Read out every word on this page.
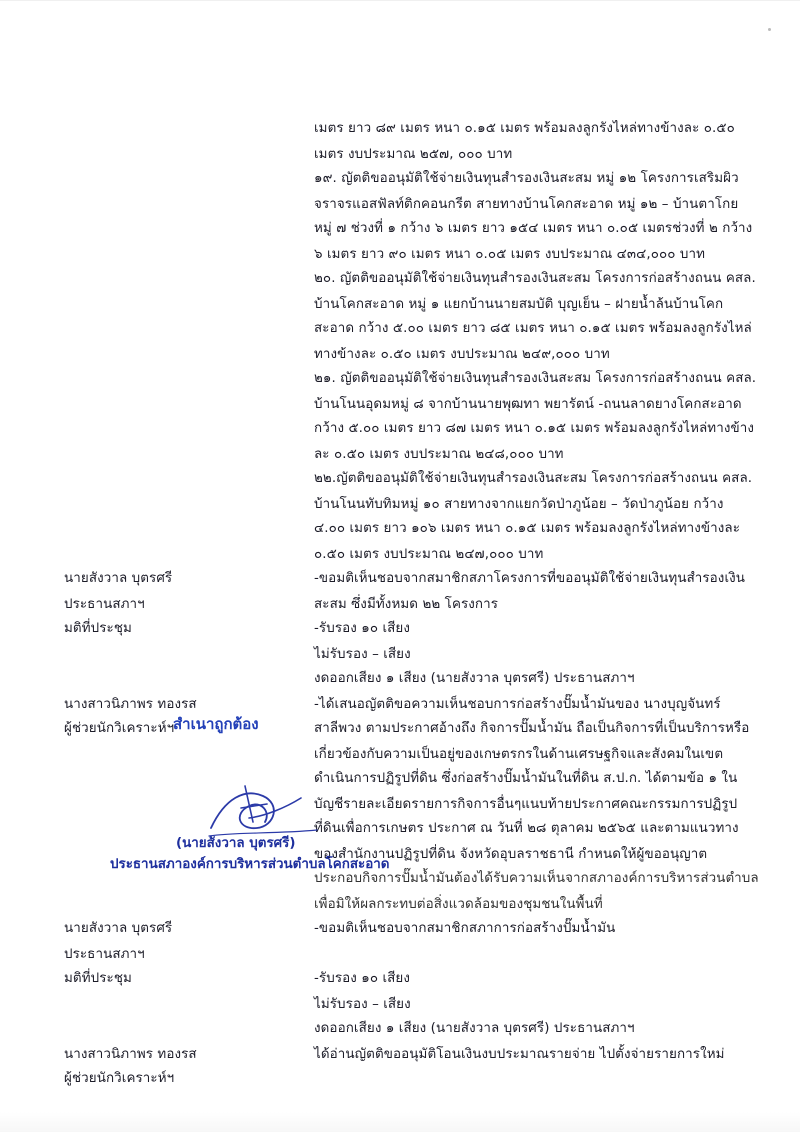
เมตร ยาว ๘๙ เมตร หนา ๐.๑๕ เมตร พร้อมลงลูกรังไหล่ทางข้างละ ๐.๕๐
เมตร งบประมาณ ๒๕๗, ๐๐๐ บาท
๑๙. ญัตติขออนุมัติใช้จ่ายเงินทุนสำรองเงินสะสม หมู่ ๑๒ โครงการเสริมผิว
จราจรแอสฟัลท์ติกคอนกรีต สายทางบ้านโคกสะอาด หมู่ ๑๒ – บ้านตาโกย
หมู่ ๗ ช่วงที่ ๑ กว้าง ๖ เมตร ยาว ๑๕๔ เมตร หนา ๐.๐๕ เมตรช่วงที่ ๒ กว้าง
๖ เมตร ยาว ๙๐ เมตร หนา ๐.๐๕ เมตร งบประมาณ ๔๓๔,๐๐๐ บาท
๒๐. ญัตติขออนุมัติใช้จ่ายเงินทุนสำรองเงินสะสม โครงการก่อสร้างถนน คสล.
บ้านโคกสะอาด หมู่ ๑ แยกบ้านนายสมบัติ บุญเย็น – ฝายน้ำล้นบ้านโคก
สะอาด กว้าง ๕.๐๐ เมตร ยาว ๘๕ เมตร หนา ๐.๑๕ เมตร พร้อมลงลูกรังไหล่
ทางข้างละ ๐.๕๐ เมตร งบประมาณ ๒๔๙,๐๐๐ บาท
๒๑. ญัตติขออนุมัติใช้จ่ายเงินทุนสำรองเงินสะสม โครงการก่อสร้างถนน คสล.
บ้านโนนอุดมหมู่ ๘ จากบ้านนายพุฒทา พยารัตน์ -ถนนลาดยางโคกสะอาด
กว้าง ๕.๐๐ เมตร ยาว ๘๗ เมตร หนา ๐.๑๕ เมตร พร้อมลงลูกรังไหล่ทางข้าง
ละ ๐.๕๐ เมตร งบประมาณ ๒๔๘,๐๐๐ บาท
๒๒.ญัตติขออนุมัติใช้จ่ายเงินทุนสำรองเงินสะสม โครงการก่อสร้างถนน คสล.
บ้านโนนทับทิมหมู่ ๑๐ สายทางจากแยกวัดป่าภูน้อย – วัดป่าภูน้อย กว้าง
๔.๐๐ เมตร ยาว ๑๐๖ เมตร หนา ๐.๑๕ เมตร พร้อมลงลูกรังไหล่ทางข้างละ
๐.๕๐ เมตร งบประมาณ ๒๔๗,๐๐๐ บาท
-ขอมติเห็นชอบจากสมาชิกสภาโครงการที่ขออนุมัติใช้จ่ายเงินทุนสำรองเงิน
สะสม ซึ่งมีทั้งหมด ๒๒ โครงการ
-รับรอง ๑๐ เสียง
ไม่รับรอง – เสียง
งดออกเสียง ๑ เสียง (นายสังวาล บุตรศรี) ประธานสภาฯ
-ได้เสนอญัตติขอความเห็นชอบการก่อสร้างปั๊มน้ำมันของ นางบุญจันทร์
สาลีพวง ตามประกาศอ้างถึง กิจการปั๊มน้ำมัน ถือเป็นกิจการที่เป็นบริการหรือ
เกี่ยวข้องกับความเป็นอยู่ของเกษตรกรในด้านเศรษฐกิจและสังคมในเขต
ดำเนินการปฏิรูปที่ดิน ซึ่งก่อสร้างปั๊มน้ำมันในที่ดิน ส.ป.ก. ได้ตามข้อ ๑ ใน
บัญชีรายละเอียดรายการกิจการอื่นๆแนบท้ายประกาศคณะกรรมการปฏิรูป
ที่ดินเพื่อการเกษตร ประกาศ ณ วันที่ ๒๘ ตุลาคม ๒๕๖๕ และตามแนวทาง
ของสำนักงานปฏิรูปที่ดิน จังหวัดอุบลราชธานี กำหนดให้ผู้ขออนุญาต
ประกอบกิจการปั๊มน้ำมันต้องได้รับความเห็นจากสภาองค์การบริหารส่วนตำบล
เพื่อมิให้ผลกระทบต่อสิ่งแวดล้อมของชุมชนในพื้นที่
-ขอมติเห็นชอบจากสมาชิกสภาการก่อสร้างปั๊มน้ำมัน
-รับรอง ๑๐ เสียง
ไม่รับรอง – เสียง
งดออกเสียง ๑ เสียง (นายสังวาล บุตรศรี) ประธานสภาฯ
ได้อ่านญัตติขออนุมัติโอนเงินงบประมาณรายจ่าย ไปตั้งจ่ายรายการใหม่
นายสังวาล บุตรศรี
ประธานสภาฯ
มติที่ประชุม
นางสาวนิภาพร ทองรส
ผู้ช่วยนักวิเคราะห์ฯ
นายสังวาล บุตรศรี
ประธานสภาฯ
มติที่ประชุม
นางสาวนิภาพร ทองรส
ผู้ช่วยนักวิเคราะห์ฯ
สำเนาถูกต้อง
(นายสังวาล บุตรศรี)
ประธานสภาองค์การบริหารส่วนตำบลโคกสะอาด
